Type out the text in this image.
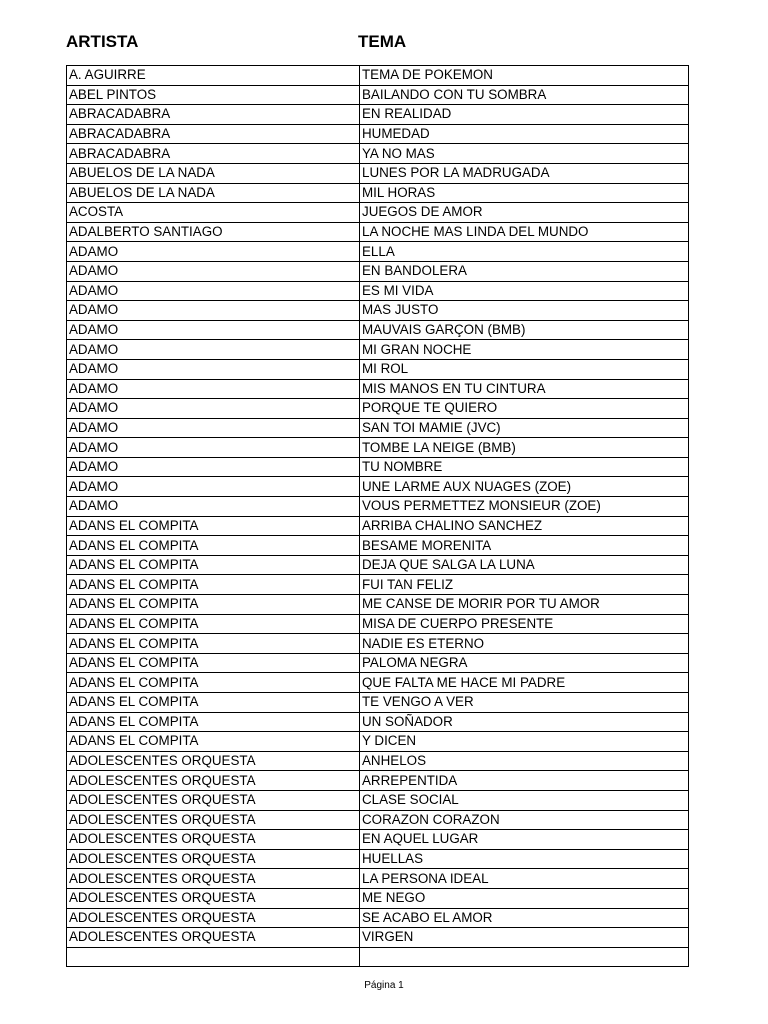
ARTISTA	TEMA
A. AGUIRRE	TEMA DE POKEMON
ABEL PINTOS	BAILANDO CON TU SOMBRA
ABRACADABRA	EN REALIDAD
ABRACADABRA	HUMEDAD
ABRACADABRA	YA NO MAS
ABUELOS DE LA NADA	LUNES POR LA MADRUGADA
ABUELOS DE LA NADA	MIL HORAS
ACOSTA	JUEGOS DE AMOR
ADALBERTO SANTIAGO	LA NOCHE MAS LINDA DEL MUNDO
ADAMO	ELLA
ADAMO	EN BANDOLERA
ADAMO	ES MI VIDA
ADAMO	MAS JUSTO
ADAMO	MAUVAIS GARÇON (BMB)
ADAMO	MI GRAN NOCHE
ADAMO	MI ROL
ADAMO	MIS MANOS EN TU CINTURA
ADAMO	PORQUE TE QUIERO
ADAMO	SAN TOI MAMIE (JVC)
ADAMO	TOMBE LA NEIGE (BMB)
ADAMO	TU NOMBRE
ADAMO	UNE LARME AUX NUAGES (ZOE)
ADAMO	VOUS PERMETTEZ MONSIEUR (ZOE)
ADANS EL COMPITA	ARRIBA CHALINO SANCHEZ
ADANS EL COMPITA	BESAME MORENITA
ADANS EL COMPITA	DEJA QUE SALGA LA LUNA
ADANS EL COMPITA	FUI TAN FELIZ
ADANS EL COMPITA	ME CANSE DE MORIR POR TU AMOR
ADANS EL COMPITA	MISA DE CUERPO PRESENTE
ADANS EL COMPITA	NADIE ES ETERNO
ADANS EL COMPITA	PALOMA NEGRA
ADANS EL COMPITA	QUE FALTA ME HACE MI PADRE
ADANS EL COMPITA	TE VENGO A VER
ADANS EL COMPITA	UN SOÑADOR
ADANS EL COMPITA	Y DICEN
ADOLESCENTES ORQUESTA	ANHELOS
ADOLESCENTES ORQUESTA	ARREPENTIDA
ADOLESCENTES ORQUESTA	CLASE SOCIAL
ADOLESCENTES ORQUESTA	CORAZON CORAZON
ADOLESCENTES ORQUESTA	EN AQUEL LUGAR
ADOLESCENTES ORQUESTA	HUELLAS
ADOLESCENTES ORQUESTA	LA PERSONA IDEAL
ADOLESCENTES ORQUESTA	ME NEGO
ADOLESCENTES ORQUESTA	SE ACABO EL AMOR
ADOLESCENTES ORQUESTA	VIRGEN

Página 1
